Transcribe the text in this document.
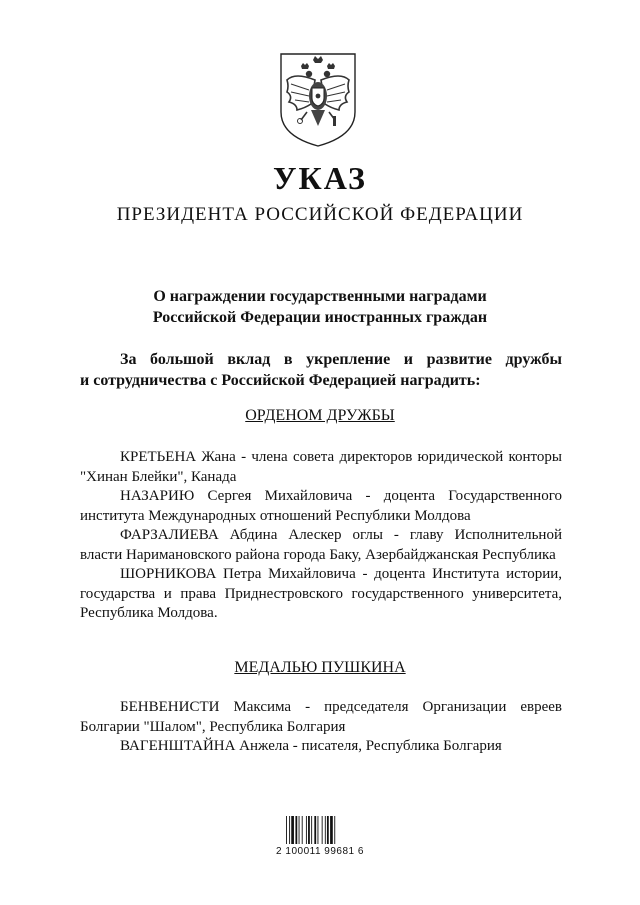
УКАЗ
ПРЕЗИДЕНТА РОССИЙСКОЙ ФЕДЕРАЦИИ
О награждении государственными наградами
Российской Федерации иностранных граждан
За большой вклад в укрепление и развитие дружбы
и сотрудничества с Российской Федерацией наградить:
ОРДЕНОМ ДРУЖБЫ

КРЕТЬЕНА Жана - члена совета директоров юридической конторы "Хинан Блейки", Канада

НАЗАРИЮ Сергея Михайловича - доцента Государственного института Международных отношений Республики Молдова

ФАРЗАЛИЕВА Абдина Алескер оглы - главу Исполнительной власти Наримановского района города Баку, Азербайджанская Республика

ШОРНИКОВА Петра Михайловича - доцента Института истории, государства и права Приднестровского государственного университета, Республика Молдова.

МЕДАЛЬЮ ПУШКИНА

БЕНВЕНИСТИ Максима - председателя Организации евреев Болгарии "Шалом", Республика Болгария

ВАГЕНШТАЙНА Анжела - писателя, Республика Болгария

2 100011 99681 6
